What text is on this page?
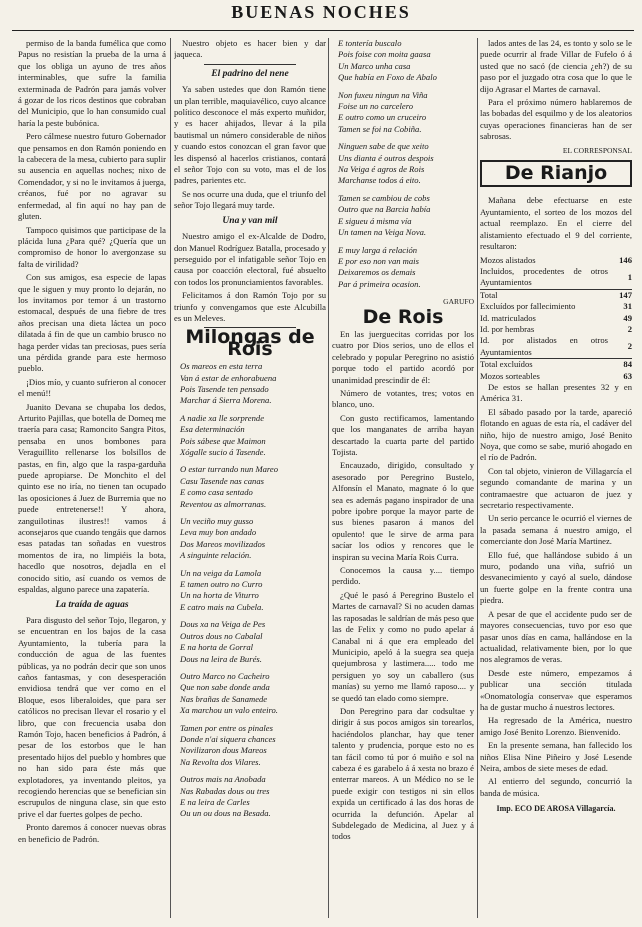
BUENAS NOCHES

permiso de la banda fumélica que como Papus no resistían la prueba de la urna á que los obliga un ayuno de tres años interminables, que sufre la familia exterminada de Padrón para jamás volver á gozar de los ricos destinos que cobraban del Municipio, que lo han consumido cual haría la peste bubónica.

Pero cálmese nuestro futuro Gobernador que pensamos en don Ramón poniendo en la cabecera de la mesa, cubierto para suplir su ausencia en aquellas noches; nixo de Comendador, y si no le invitamos á juerga, créanos, fué por no agravar su enfermedad, al fin aquí no hay pan de gluten.

Tampoco quisimos que participase de la plácida luna ¿Para qué? ¿Quería que un compromiso de honor lo avergonzase su falta de virilidad?

Con sus amigos, esa especie de lapas que le siguen y muy pronto lo dejarán, no los invitamos por temor á un trastorno estomacal, después de una fiebre de tres años precisan una dieta láctea un poco dilatada á fin de que un cambio brusco no haga perder vidas tan preciosas, pues sería una pérdida grande para este hermoso pueblo.

¡Dios mío, y cuanto sufrieron al conocer el menú!!

Juanito Devana se chupaba los dedos, Arturito Pajillas, que botella de Domeq me traería para casa; Ramoncito Sangra Pitos, pensaba en unos bombones para Veraguillito rellenarse los bolsillos de pastas, en fin, algo que la raspa-garduña puede apropiarse. De Monchito el del quinto ese no iría, no tienen tan ocupado las oposiciones á Juez de Burremia que no puede entretenerse!! Y ahora, zanguilotinas ilustres!! vamos á aconsejaros que cuando tengáis que darnos esas patadas tan soñadas en vuestros momentos de ira, no limpiéis la bota, hacedlo que nosotros, dejadla en el conocido sitio, así cuando os vemos de espaldas, alguno parece una zapatería.

La traída de aguas

Para disgusto del señor Tojo, llegaron, y se encuentran en los bajos de la casa Ayuntamiento, la tubería para la conducción de agua de las fuentes públicas, ya no podrán decir que son unos caños fantasmas, y con desesperación envidiosa tendrá que ver como en el Bloque, esos liberaloides, que para ser católicos no precisan llevar el rosario y el libro, que con frecuencia usaba don Ramón Tojo, hacen beneficios á Padrón, á pesar de los estorbos que le han presentado hijos del pueblo y hombres que no han sido para éste más que explotadores, ya inventando pleitos, ya recogiendo herencias que se benefician sin escrupulos de ninguna clase, sin que esto prive el dar fuertes golpes de pecho.

Pronto daremos á conocer nuevas obras en beneficio de Padrón.

Nuestro objeto es hacer bien y dar jaqueca.

El padrino del nene

Ya saben ustedes que don Ramón tiene un plan terrible, maquiavélico, cuyo alcance político desconoce el más experto muñidor, y es hacer ahijados, llevar á la pila bautismal un número considerable de niños y cuando estos conozcan el gran favor que les dispensó al hacerlos cristianos, contará el señor Tojo con su voto, mas el de los padres, parientes etc.

Se nos ocurre una duda, que el triunfo del señor Tojo llegará muy tarde.

Una y van mil

Nuestro amigo el ex-Alcalde de Dodro, don Manuel Rodríguez Batalla, procesado y perseguido por el infatigable señor Tojo en causa por coacción electoral, fué absuelto con todos los pronunciamientos favorables.

Felicitamos á don Ramón Tojo por su triunfo y convengamos que este Alcubilla es un Meleves.

Milongas de Rois
Os mareos en esta terra
Van á estar de enhorabuena
Pois Tasende ten pensado
Marchar á Sierra Morena.
A nadie xa lle sorprende
Esa determinación
Pois sábese que Maimon
Xógalle sucio á Tasende.
O estar turrando nun Mareo
Casu Tasende nas canas
E como casa sentado
Reventou as almorranas.
Un veciño muy gusso
Leva muy bon andado
Dos Mareos movilizados
A singuinte relación.
Un na veiga da Lamola
E tamen outro no Curro
Un na horta de Viturro
E catro mais na Cubela.
Dous xa na Veiga de Pes
Outros dous no Cabalal
E na horta de Gorral
Dous na leira de Burés.
Outro Marco no Cacheiro
Que non sabe donde anda
Nas brañas de Sanamede
Xa marchou un valo enteiro.
Tamen por entre os pinales
Donde n'ai siquera chances
Novilizaron dous Mareos
Na Revolta dos Vilares.
Outros mais na Anobada
Nas Rabadas dous ou tres
E na leira de Carles
Ou un ou dous na Besada.
E tontería buscalo
Pois foise con moita gaasa
Un Marco unha casa
Que había en Foxo de Abalo
Non fuxeu ningun na Viña
Foise un no carcelero
E outro como un cruceiro
Tamen se foi na Cobiña.
Ninguen sabe de que xeito
Uns dianta é outros despois
Na Veiga é agros de Rois
Marchanse todos á eito.
Tamen se cambiou de cobs
Outro que na Barcia había
E sigueu á misma vía
Un tamen na Veiga Nova.
E muy larga á relación
E por eso non van mais
Deixaremos os demais
Par á primeira ocasion.
GARUFO
De Rois

En las juerguecitas corridas por los cuatro por Dios serios, uno de ellos el celebrado y popular Peregrino no asistió porque todo el partido acordó por unanimidad prescindir de él:

Número de votantes, tres; votos en blanco, uno.

Con gusto rectificamos, lamentando que los manganates de arriba hayan descartado la cuarta parte del partido Tojista.

Encauzado, dirigido, consultado y asesorado por Peregrino Bustelo, Alfonsín el Manato, magnate ó lo que sea es además pagano inspirador de una pobre ipobre porque la mayor parte de sus bienes pasaron á manos del opulento! que le sirve de arma para sacíar los odios y rencores que le inspiran su vecina María Rois Curra.

Conocemos la causa y.... tiempo perdido.

¿Qué le pasó á Peregrino Bustelo el Martes de carnaval? Si no acuden damas las raposadas le saldrían de más peso que las de Felix y como no pudo apelar á Canabal ni á que era empleado del Municipio, apeló á la suegra sea queja quejumbrosa y lastimera..... todo me persiguen yo soy un caballero (sus manías) su yerno me llamó raposo.... y se quedó tan elado como siempre.

Don Peregrino para dar codsultae y dirigir á sus pocos amigos sin torearlos, haciéndolos planchar, hay que tener talento y prudencia, porque esto no es tan fácil como tú por ó muiño e sol na cabeza é es garabelo á á xesta no brazo é enterrar mareos. A un Médico no se le puede exigir con testigos ni sin ellos expida un certificado á las dos horas de ocurrida la defunción. Apelar al Subdelegado de Medicina, al Juez y á todos

lados antes de las 24, es tonto y solo se le puede ocurrir al frade Villar de Fufelo ó á usted que no sacó (de ciencia ¿eh?) de su paso por el juzgado otra cosa que lo que le dijo Agrasar el Martes de carnaval.

Para el próximo número hablaremos de las bobadas del esquilmo y de los aleatorios cuyas operaciones financieras han de ser sabrosas.

EL CORRESPONSAL
De Rianjo

Mañana debe efectuarse en este Ayuntamiento, el sorteo de los mozos del actual reemplazo. En el cierre del alistamiento efectuado el 9 del corriente, resultaron:

Mozos alistados	146
Incluidos, procedentes de otros Ayuntamientos	1
Total	147
Excluídos por fallecimiento	31
Id. matriculados	49
Id. por hembras	2
Id. por alistados en otros Ayuntamientos	2
Total excluídos	84
Mozos sorteables	63

De estos se hallan presentes 32 y en América 31.

El sábado pasado por la tarde, apareció flotando en aguas de esta ría, el cadáver del niño, hijo de nuestro amigo, José Benito Noya, que como se sabe, murió ahogado en el río de Padrón.

Con tal objeto, vinieron de Villagarcía el segundo comandante de marina y un contramaestre que actuaron de juez y secretario respectivamente.

Un serio percance le ocurrió el viernes de la pasada semana á nuestro amigo, el comerciante don José María Martinez.

Ello fué, que hallándose subido á un muro, podando una viña, sufrió un desvanecimiento y cayó al suelo, dándose un fuerte golpe en la frente contra una piedra.

A pesar de que el accidente pudo ser de mayores consecuencias, tuvo por eso que pasar unos días en cama, hallándose en la actualidad, relativamente bien, por lo que nos alegramos de veras.

Desde este número, empezamos á publicar una sección titulada «Onomatología conserva» que esperamos ha de gustar mucho á nuestros lectores.

Ha regresado de la América, nuestro amigo José Benito Lorenzo. Bienvenido.

En la presente semana, han fallecido los niños Elisa Nine Piñeiro y José Lesende Neira, ambos de siete meses de edad.

Al entierro del segundo, concurrió la banda de música.

Imp. ECO DE AROSA Villagarcía.
